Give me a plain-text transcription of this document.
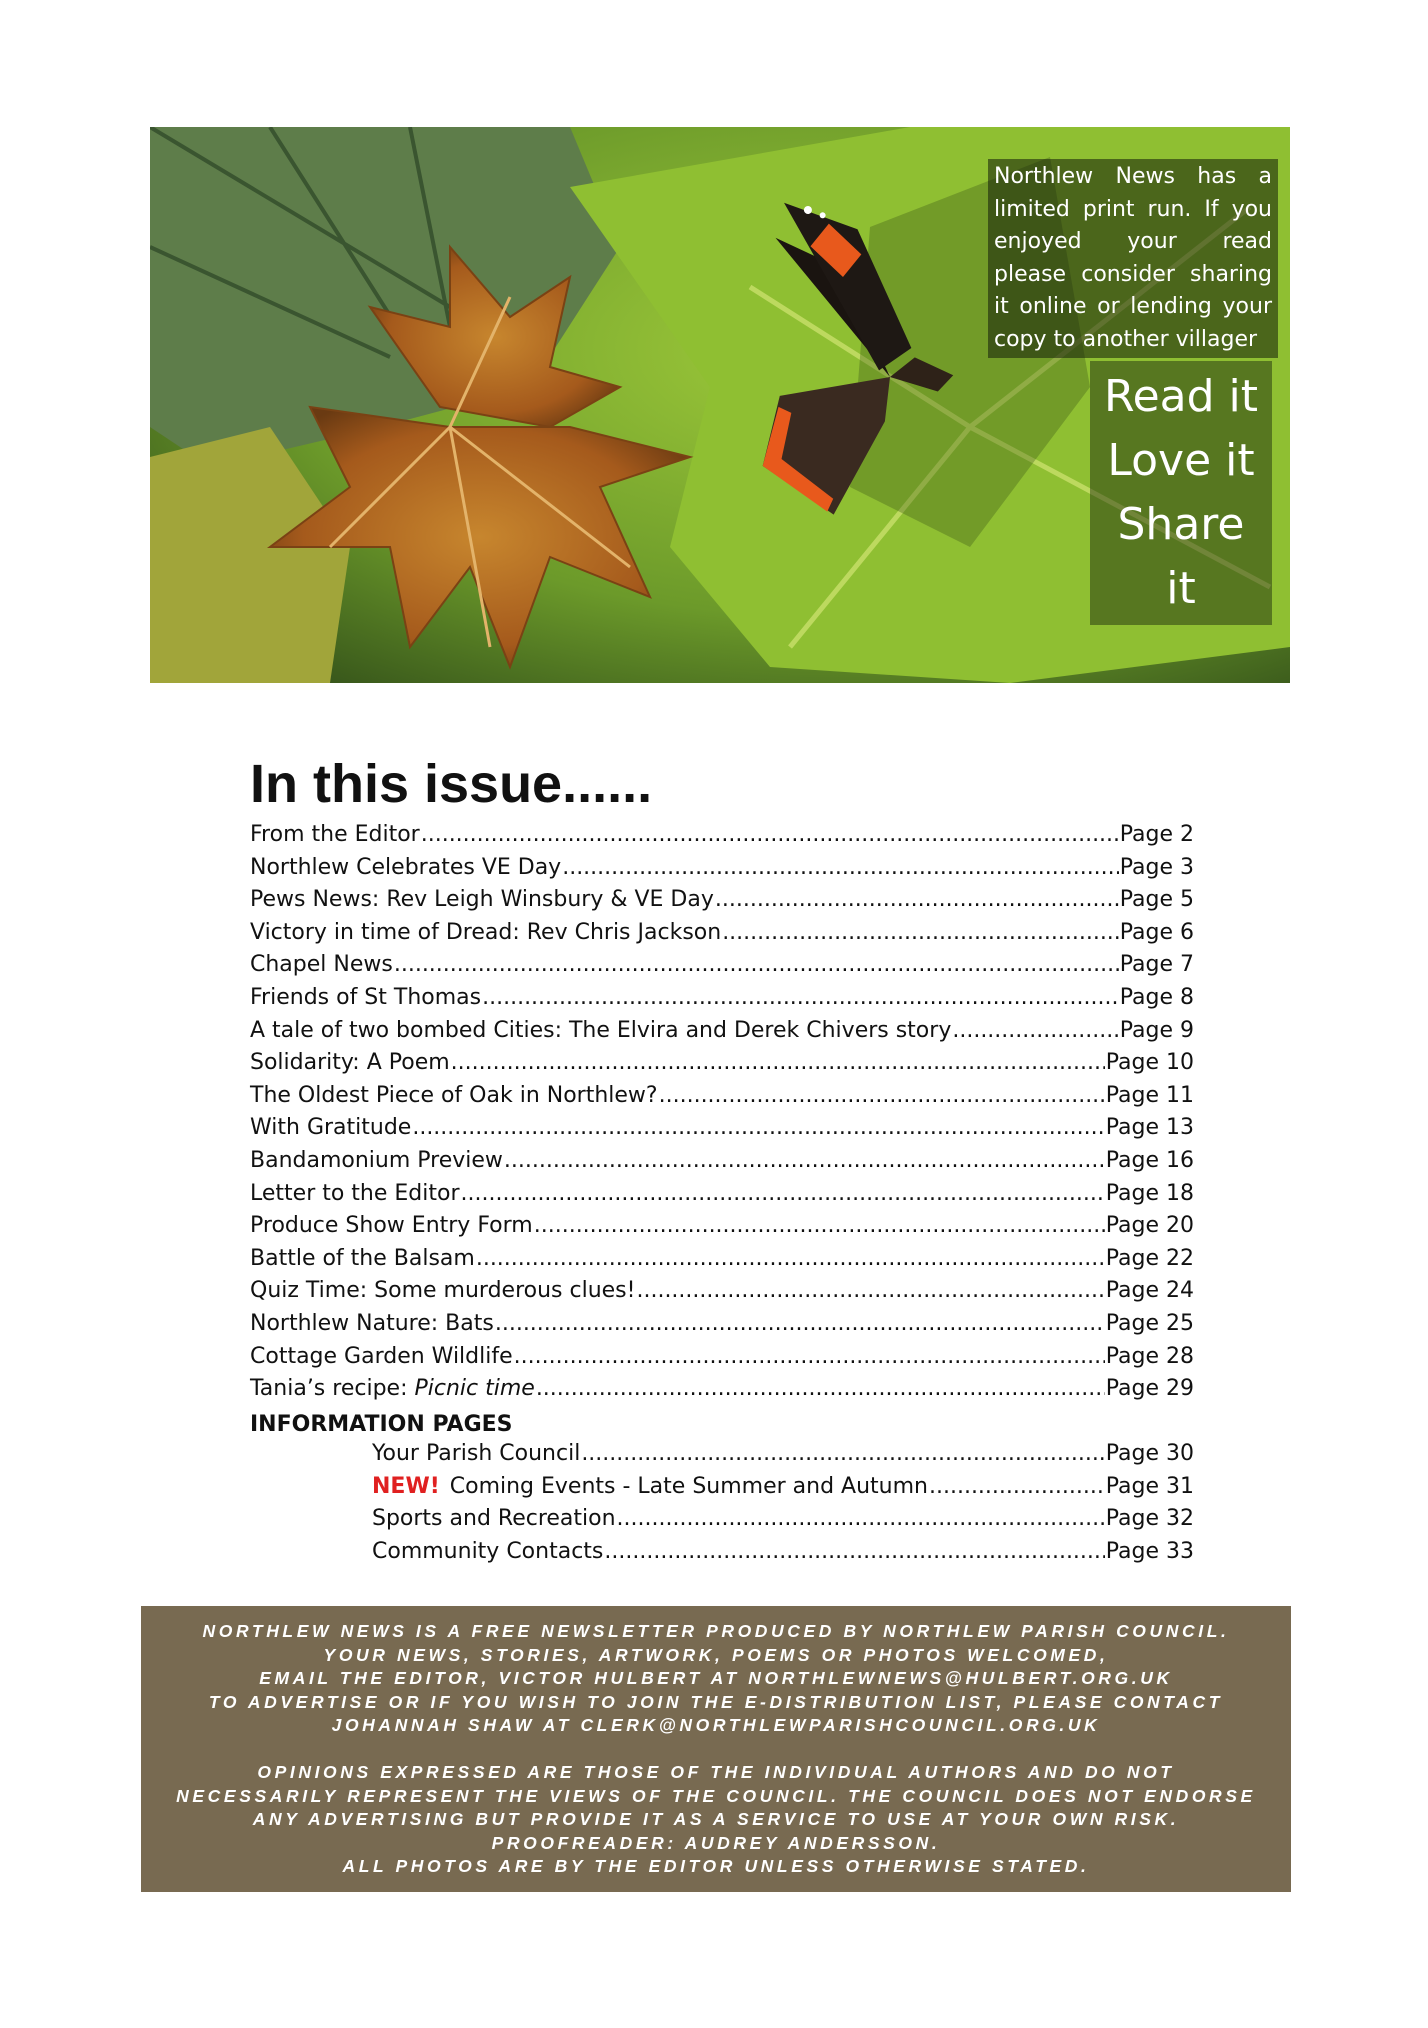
Northlew News has a limited print run. If you enjoyed your read please consider sharing it online or lending your copy to another villager
Read it
Love it
Share it
In this issue......
From the Editor .....	Page 2
Northlew Celebrates VE Day .....	Page 3
Pews News: Rev Leigh Winsbury & VE Day .....	Page 5
Victory in time of Dread: Rev Chris Jackson .....	Page 6
Chapel News .....	Page 7
Friends of St Thomas .....	Page 8
A tale of two bombed Cities: The Elvira and Derek Chivers story .....	Page 9
Solidarity: A Poem .....	Page 10
The Oldest Piece of Oak in Northlew? .....	Page 11
With Gratitude .....	Page 13
Bandamonium Preview .....	Page 16
Letter to the Editor .....	Page 18
Produce Show Entry Form .....	Page 20
Battle of the Balsam .....	Page 22
Quiz Time: Some murderous clues! .....	Page 24
Northlew Nature: Bats .....	Page 25
Cottage Garden Wildlife .....	Page 28
Tania’s recipe: Picnic time .....	Page 29
INFORMATION PAGES
Your Parish Council .....	Page 30
NEW! Coming Events - Late Summer and Autumn .....	Page 31
Sports and Recreation .....	Page 32
Community Contacts .....	Page 33

NORTHLEW NEWS IS A FREE NEWSLETTER PRODUCED BY NORTHLEW PARISH COUNCIL.

YOUR NEWS, STORIES, ARTWORK, POEMS OR PHOTOS WELCOMED,

EMAIL THE EDITOR, VICTOR HULBERT AT NORTHLEWNEWS@HULBERT.ORG.UK

TO ADVERTISE OR IF YOU WISH TO JOIN THE E-DISTRIBUTION LIST, PLEASE CONTACT

JOHANNAH SHAW AT CLERK@NORTHLEWPARISHCOUNCIL.ORG.UK

OPINIONS EXPRESSED ARE THOSE OF THE INDIVIDUAL AUTHORS AND DO NOT

NECESSARILY REPRESENT THE VIEWS OF THE COUNCIL. THE COUNCIL DOES NOT ENDORSE

ANY ADVERTISING BUT PROVIDE IT AS A SERVICE TO USE AT YOUR OWN RISK.

PROOFREADER: AUDREY ANDERSSON.

ALL PHOTOS ARE BY THE EDITOR UNLESS OTHERWISE STATED.
